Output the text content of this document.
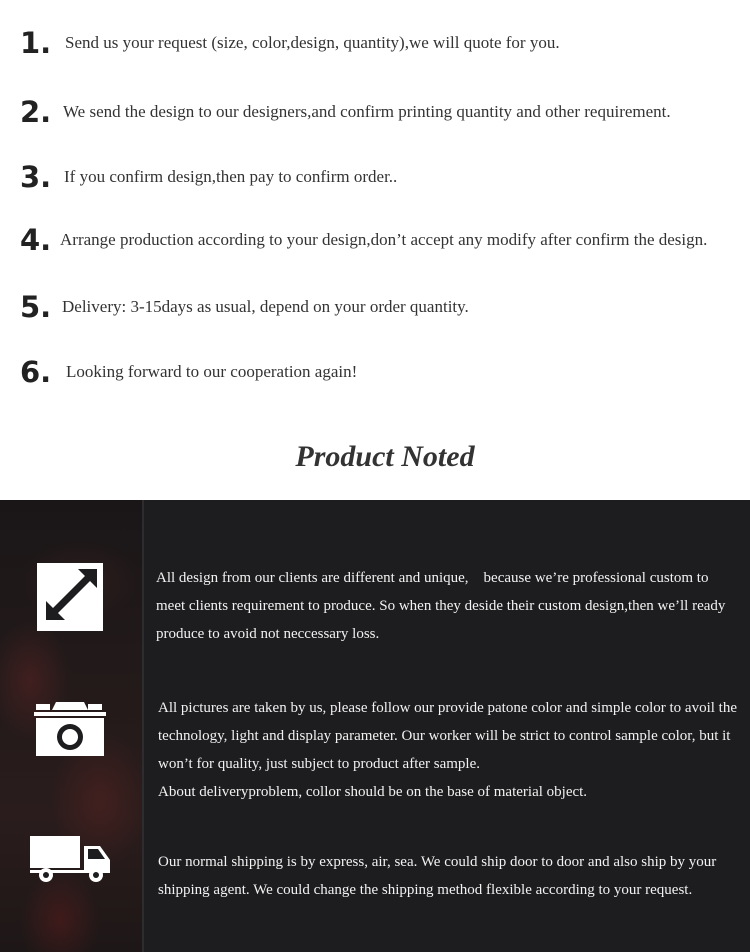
1. Send us your request (size, color,design, quantity),we will quote for you.
2. We send the design to our designers,and confirm printing quantity and other requirement.
3. If you confirm design,then pay to confirm order..
4. Arrange production according to your design,don’t accept any modify after confirm the design.
5. Delivery: 3-15days as usual, depend on your order quantity.
6. Looking forward to our cooperation again!
Product Noted

All design from our clients are different and unique,　because we’re professional custom to meet clients requirement to produce. So when they deside their custom design,then we’ll ready produce to avoid not neccessary loss.

All pictures are taken by us, please follow our provide patone color and simple color to avoil the technology, light and display parameter. Our worker will be strict to control sample color, but it won’t for quality, just subject to product after sample.

About deliveryproblem, collor should be on the base of material object.

Our normal shipping is by express, air, sea. We could ship door to door and also ship by your shipping agent. We could change the shipping method flexible according to your request.
